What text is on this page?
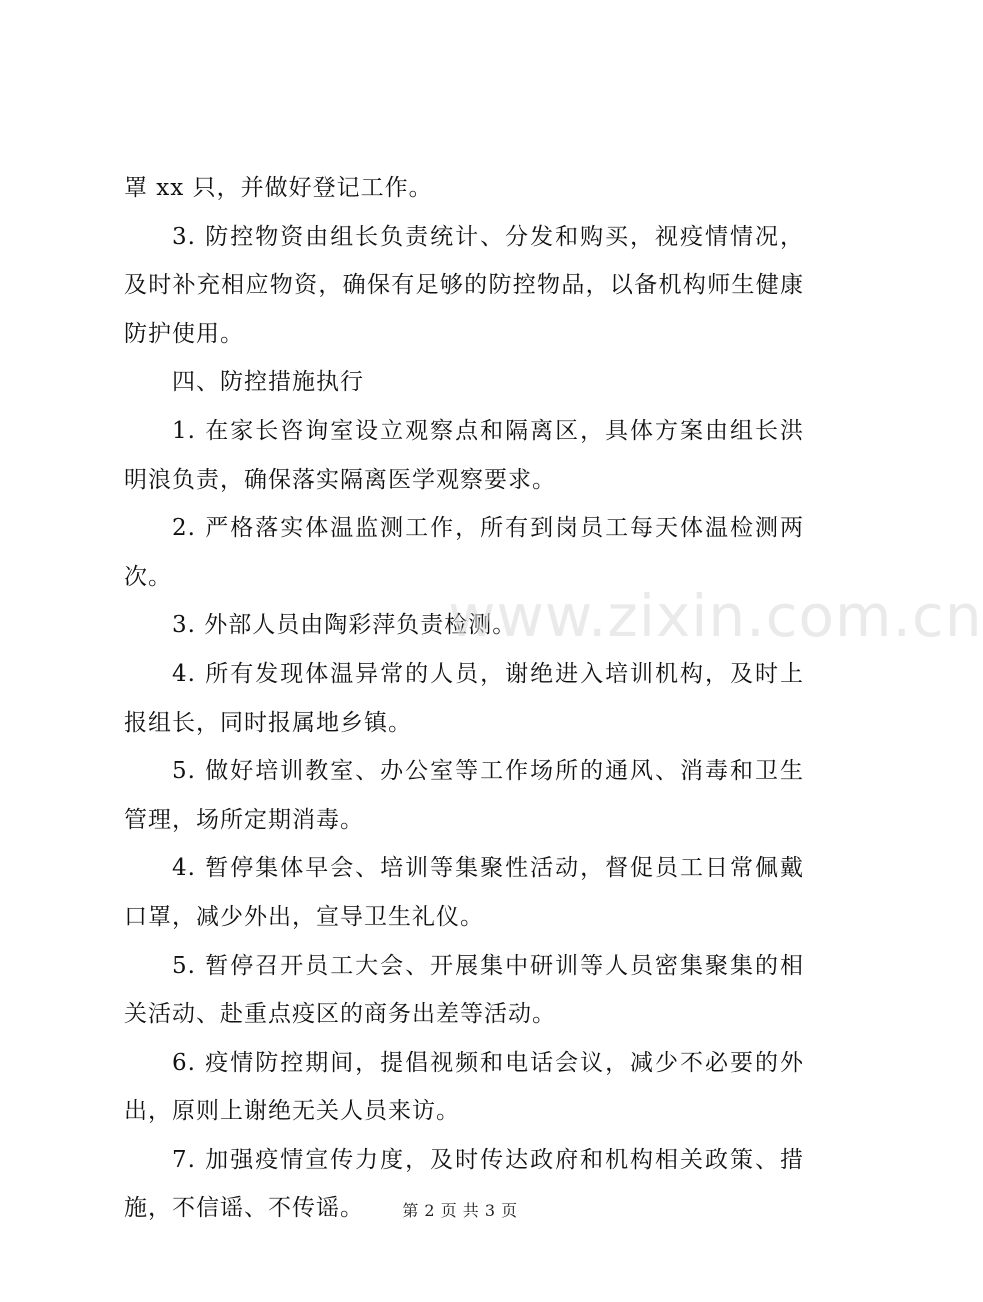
罩 xx 只，并做好登记工作。

3. 防控物资由组长负责统计、分发和购买，视疫情情况，及时补充相应物资，确保有足够的防控物品，以备机构师生健康防护使用。

四、防控措施执行

1. 在家长咨询室设立观察点和隔离区，具体方案由组长洪明浪负责，确保落实隔离医学观察要求。

2. 严格落实体温监测工作，所有到岗员工每天体温检测两次。

3. 外部人员由陶彩萍负责检测。

4. 所有发现体温异常的人员，谢绝进入培训机构，及时上报组长，同时报属地乡镇。

5. 做好培训教室、办公室等工作场所的通风、消毒和卫生管理，场所定期消毒。

4. 暂停集体早会、培训等集聚性活动，督促员工日常佩戴口罩，减少外出，宣导卫生礼仪。

5. 暂停召开员工大会、开展集中研训等人员密集聚集的相关活动、赴重点疫区的商务出差等活动。

6. 疫情防控期间，提倡视频和电话会议，减少不必要的外出，原则上谢绝无关人员来访。

7. 加强疫情宣传力度，及时传达政府和机构相关政策、措施，不信谣、不传谣。

www.zixin.com.cn
第 2 页 共 3 页
